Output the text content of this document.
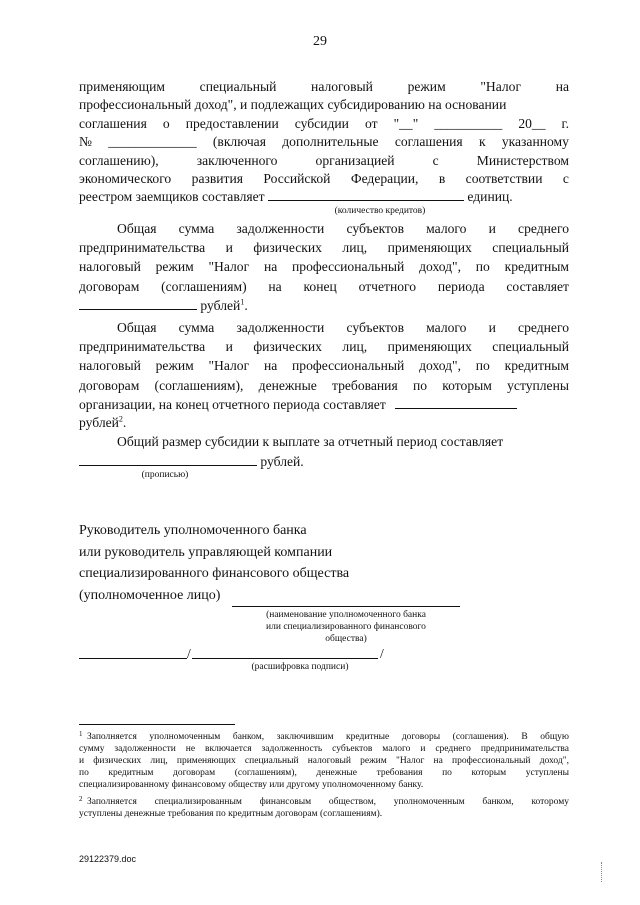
29
применяющим	специальный	налоговый	режим	"Налог	на
профессиональный доход", и подлежащих субсидированию на основании
соглашения о предоставлении субсидии от "__" __________ 20__ г.
№ _____________ (включая дополнительные соглашения к указанному
соглашению),	заключенного	организацией	с	Министерством
экономического развития Российской Федерации, в соответствии с
реестром заемщиков составляет	единиц.
(количество кредитов)
Общая сумма задолженности субъектов малого и среднего
предпринимательства и физических лиц, применяющих специальный
налоговый режим "Налог на профессиональный доход", по кредитным
договорам (соглашениям) на конец отчетного периода составляет
рублей$^1$.
Общая сумма задолженности субъектов малого и среднего
предпринимательства и физических лиц, применяющих специальный
налоговый режим "Налог на профессиональный доход", по кредитным
договорам (соглашениям), денежные требования по которым уступлены
организации, на конец отчетного периода составляет
рублей$^2$.
Общий размер субсидии к выплате за отчетный период составляет
рублей.
(прописью)
Руководитель уполномоченного банка
или руководитель управляющей компании
специализированного финансового общества
(уполномоченное лицо)
(наименование уполномоченного банка
или специализированного финансового
общества)
/	/
(расшифровка подписи)
1 Заполняется уполномоченным банком, заключившим кредитные договоры (соглашения). В общую
сумму задолженности не включается задолженность субъектов малого и среднего предпринимательства
и физических лиц, применяющих специальный налоговый режим "Налог на профессиональный доход",
по кредитным договорам (соглашениям), денежные требования по которым уступлены
специализированному финансовому обществу или другому уполномоченному банку.
2 Заполняется специализированным финансовым обществом, уполномоченным банком, которому
уступлены денежные требования по кредитным договорам (соглашениям).
29122379.doc
